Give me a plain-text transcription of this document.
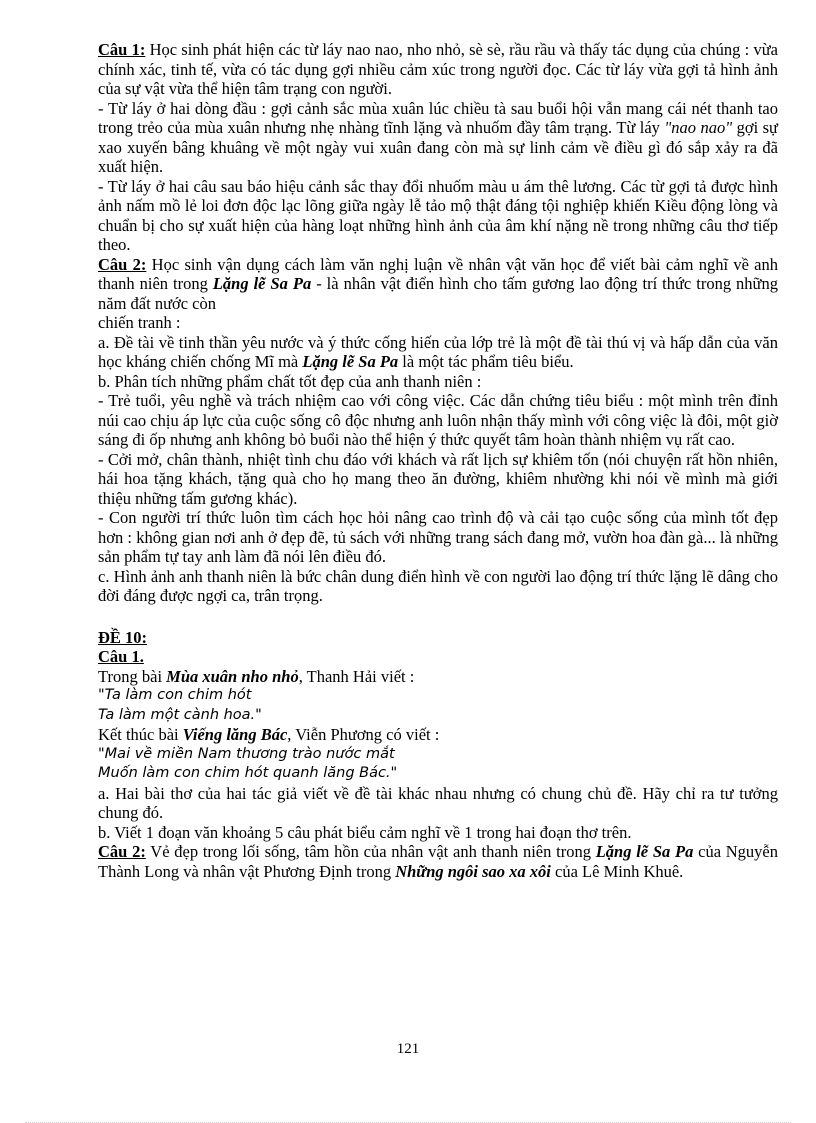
Câu 1: Học sinh phát hiện các từ láy nao nao, nho nhỏ, sè sè, rầu rầu và thấy tác dụng của chúng : vừa chính xác, tinh tế, vừa có tác dụng gợi nhiều cảm xúc trong người đọc. Các từ láy vừa gợi tả hình ảnh của sự vật vừa thể hiện tâm trạng con người.

- Từ láy ở hai dòng đầu : gợi cảnh sắc mùa xuân lúc chiều tà sau buổi hội vẫn mang cái nét thanh tao trong trẻo của mùa xuân nhưng nhẹ nhàng tĩnh lặng và nhuốm đầy tâm trạng. Từ láy "nao nao" gợi sự xao xuyến bâng khuâng về một ngày vui xuân đang còn mà sự linh cảm về điều gì đó sắp xảy ra đã xuất hiện.

- Từ láy ở hai câu sau báo hiệu cảnh sắc thay đổi nhuốm màu u ám thê lương. Các từ gợi tả được hình ảnh nấm mồ lẻ loi đơn độc lạc lõng giữa ngày lễ tảo mộ thật đáng tội nghiệp khiến Kiều động lòng và chuẩn bị cho sự xuất hiện của hàng loạt những hình ảnh của âm khí nặng nề trong những câu thơ tiếp theo.

Câu 2: Học sinh vận dụng cách làm văn nghị luận về nhân vật văn học để viết bài cảm nghĩ về anh thanh niên trong Lặng lẽ Sa Pa - là nhân vật điển hình cho tấm gương lao động trí thức trong những năm đất nước còn

chiến tranh :

a. Đề tài về tinh thần yêu nước và ý thức cống hiến của lớp trẻ là một đề tài thú vị và hấp dẫn của văn học kháng chiến chống Mĩ mà Lặng lẽ Sa Pa là một tác phẩm tiêu biểu.

b. Phân tích những phẩm chất tốt đẹp của anh thanh niên :

- Trẻ tuổi, yêu nghề và trách nhiệm cao với công việc. Các dẫn chứng tiêu biểu : một mình trên đỉnh núi cao chịu áp lực của cuộc sống cô độc nhưng anh luôn nhận thấy mình với công việc là đôi, một giờ sáng đi ốp nhưng anh không bỏ buổi nào thể hiện ý thức quyết tâm hoàn thành nhiệm vụ rất cao.

- Cởi mở, chân thành, nhiệt tình chu đáo với khách và rất lịch sự khiêm tốn (nói chuyện rất hồn nhiên, hái hoa tặng khách, tặng quà cho họ mang theo ăn đường, khiêm nhường khi nói về mình mà giới thiệu những tấm gương khác).

- Con người trí thức luôn tìm cách học hỏi nâng cao trình độ và cải tạo cuộc sống của mình tốt đẹp hơn : không gian nơi anh ở đẹp đẽ, tủ sách với những trang sách đang mở, vườn hoa đàn gà... là những sản phẩm tự tay anh làm đã nói lên điều đó.

c. Hình ảnh anh thanh niên là bức chân dung điển hình về con người lao động trí thức lặng lẽ dâng cho đời đáng được ngợi ca, trân trọng.

ĐỀ 10:

Câu 1.

Trong bài Mùa xuân nho nhỏ, Thanh Hải viết :

"Ta làm con chim hót

Ta làm một cành hoa."

Kết thúc bài Viếng lăng Bác, Viễn Phương có viết :

"Mai về miền Nam thương trào nước mắt

Muốn làm con chim hót quanh lăng Bác."

a. Hai bài thơ của hai tác giả viết về đề tài khác nhau nhưng có chung chủ đề. Hãy chỉ ra tư tưởng chung đó.

b. Viết 1 đoạn văn khoảng 5 câu phát biểu cảm nghĩ về 1 trong hai đoạn thơ trên.

Câu 2: Vẻ đẹp trong lối sống, tâm hồn của nhân vật anh thanh niên trong Lặng lẽ Sa Pa của Nguyễn Thành Long và nhân vật Phương Định trong Những ngôi sao xa xôi của Lê Minh Khuê.

121
